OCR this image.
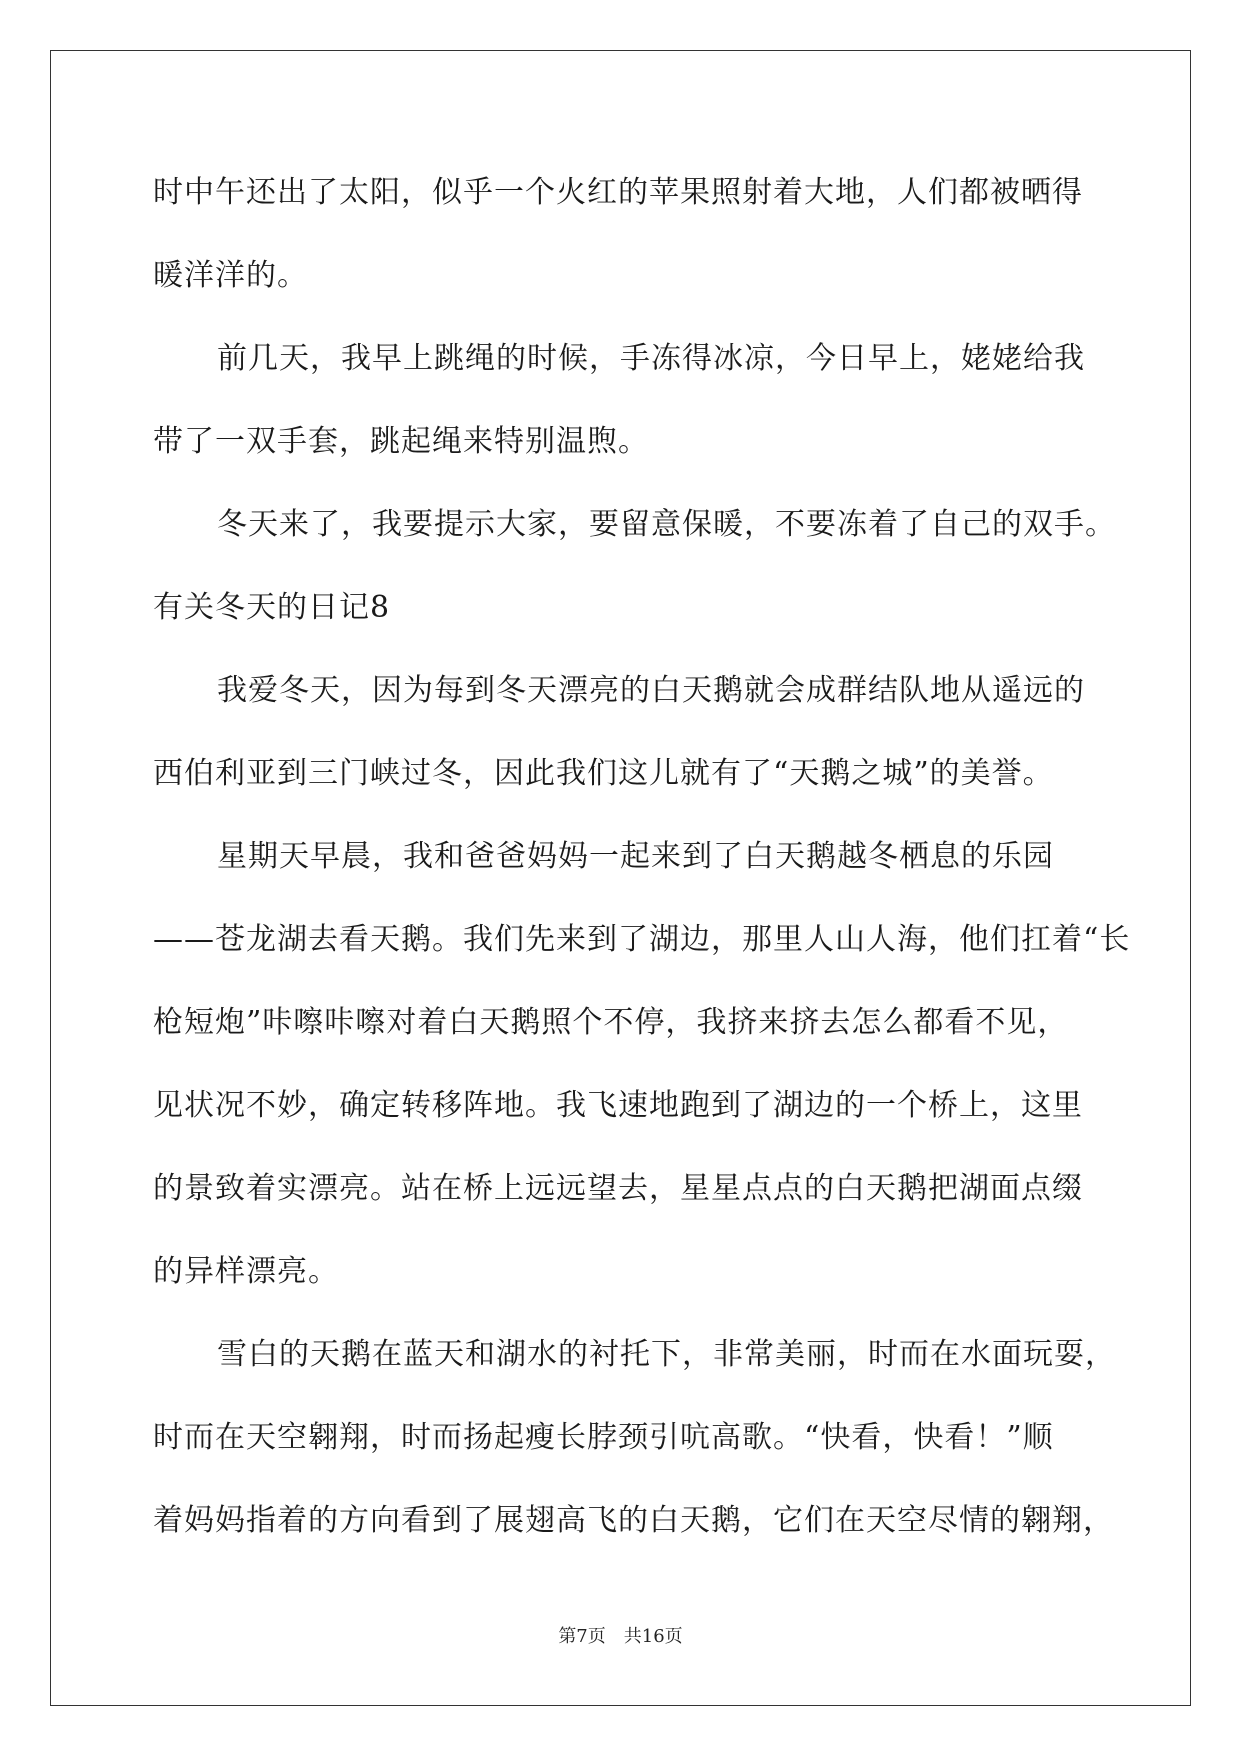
时中午还出了太阳，似乎一个火红的苹果照射着大地，人们都被晒得
暖洋洋的。
前几天，我早上跳绳的时候，手冻得冰凉，今日早上，姥姥给我
带了一双手套，跳起绳来特别温煦。
冬天来了，我要提示大家，要留意保暖，不要冻着了自己的双手。
有关冬天的日记8
我爱冬天，因为每到冬天漂亮的白天鹅就会成群结队地从遥远的
西伯利亚到三门峡过冬，因此我们这儿就有了“天鹅之城”的美誉。
星期天早晨，我和爸爸妈妈一起来到了白天鹅越冬栖息的乐园
——苍龙湖去看天鹅。我们先来到了湖边，那里人山人海，他们扛着“长
枪短炮”咔嚓咔嚓对着白天鹅照个不停，我挤来挤去怎么都看不见，
见状况不妙，确定转移阵地。我飞速地跑到了湖边的一个桥上，这里
的景致着实漂亮。站在桥上远远望去，星星点点的白天鹅把湖面点缀
的异样漂亮。
雪白的天鹅在蓝天和湖水的衬托下，非常美丽，时而在水面玩耍，
时而在天空翱翔，时而扬起瘦长脖颈引吭高歌。“快看，快看！”顺
着妈妈指着的方向看到了展翅高飞的白天鹅，它们在天空尽情的翱翔，
第7页　共16页
